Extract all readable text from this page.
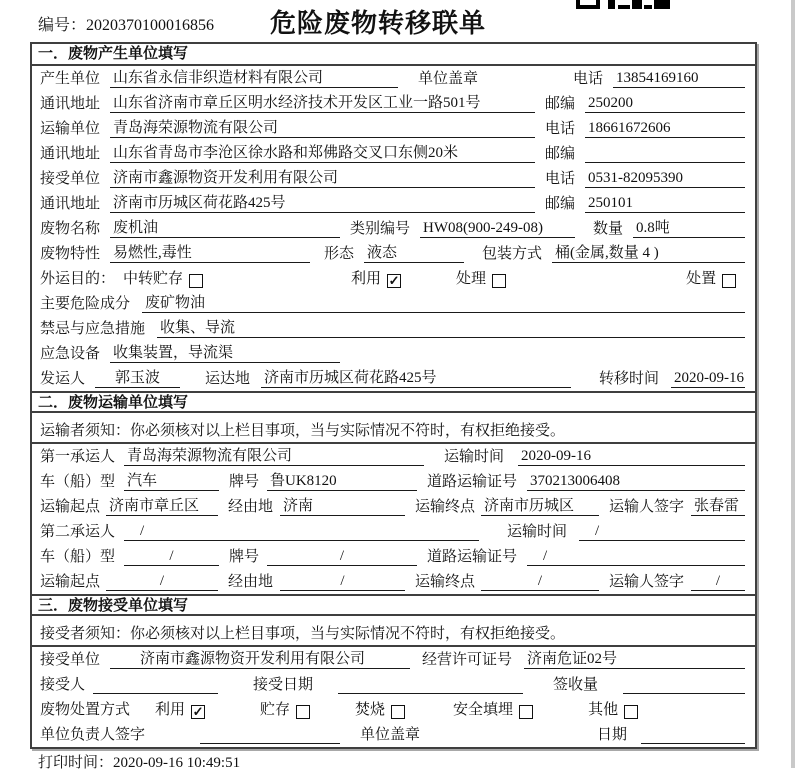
编号：2020370100016856	危险废物转移联单
一．废物产生单位填写
产生单位 山东省永信非织造材料有限公司	单位盖章	电话 13854169160
通讯地址 山东省济南市章丘区明水经济技术开发区工业一路501号	邮编 250200
运输单位 青岛海荣源物流有限公司	电话 18661672606
通讯地址 山东省青岛市李沧区徐水路和郑佛路交叉口东侧20米	邮编
接受单位 济南市鑫源物资开发利用有限公司	电话 0531-82095390
通讯地址 济南市历城区荷花路425号	邮编 250101
废物名称 废机油	类别编号 HW08(900-249-08)	数量 0.8吨
废物特性 易燃性,毒性	形态 液态	包装方式 桶(金属,数量 4 )
外运目的： 中转贮存	利用 ✓	处理	处置
主要危险成分 废矿物油
禁忌与应急措施 收集、导流
应急设备 收集装置，导流渠
发运人	郭玉波	运达地 济南市历城区荷花路425号	转移时间 2020-09-16
二．废物运输单位填写
运输者须知：你必须核对以上栏目事项，当与实际情况不符时，有权拒绝接受。
第一承运人 青岛海荣源物流有限公司	运输时间 2020-09-16
车（船）型 汽车	牌号 鲁UK8120	道路运输证号 370213006408
运输起点 济南市章丘区	经由地 济南	运输终点 济南市历城区	运输人签字 张春雷
第二承运人	/	运输时间	/
车（船）型	/	牌号	/	道路运输证号	/
运输起点	/	经由地	/	运输终点	/	运输人签字	/
三．废物接受单位填写
接受者须知：你必须核对以上栏目事项，当与实际情况不符时，有权拒绝接受。
接受单位	济南市鑫源物资开发利用有限公司	经营许可证号 济南危证02号
接受人	接受日期	签收量
废物处置方式 利用 ✓	贮存	焚烧	安全填埋	其他
单位负责人签字	单位盖章	日期
打印时间：2020-09-16 10:49:51
